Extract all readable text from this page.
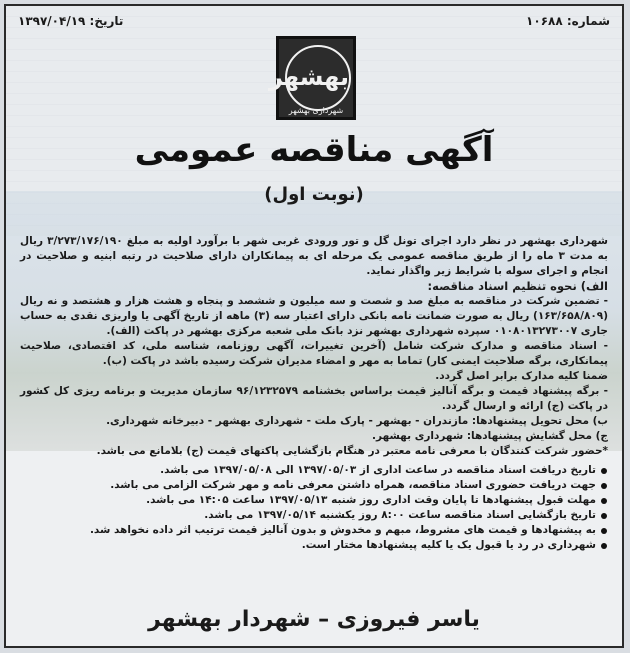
شماره: ۱۰۶۸۸
تاریخ: ۱۳۹۷/۰۴/۱۹
بهشهر
شهرداری بهشهر
آگهی مناقصه عمومی
(نوبت اول)

شهرداری بهشهر در نظر دارد اجرای تونل گل و تور ورودی غربی شهر با برآورد اولیه به مبلغ ۳/۲۷۳/۱۷۶/۱۹۰ ریال به مدت ۳ ماه را از طریق مناقصه عمومی یک مرحله ای به پیمانکاران دارای صلاحیت در رتبه ابنیه و صلاحیت در انجام و اجرای سوله با شرایط زیر واگذار نماید.

الف) نحوه تنظیم اسناد مناقصه:

- تضمین شرکت در مناقصه به مبلغ صد و شصت و سه میلیون و ششصد و پنجاه و هشت هزار و هشتصد و نه ریال (۱۶۳/۶۵۸/۸۰۹) ریال به صورت ضمانت نامه بانکی دارای اعتبار سه (۳) ماهه از تاریخ آگهی یا واریزی نقدی به حساب جاری ۰۱۰۸۰۱۳۲۷۳۰۰۷ سپرده شهرداری بهشهر نزد بانک ملی شعبه مرکزی بهشهر در پاکت (الف).

- اسناد مناقصه و مدارک شرکت شامل (آخرین تغییرات، آگهی روزنامه، شناسه ملی، کد اقتصادی، صلاحیت پیمانکاری، برگه صلاحیت ایمنی کار) تماما به مهر و امضاء مدیران شرکت رسیده باشد در پاکت (ب).

ضمنا کلیه مدارک برابر اصل گردد.

- برگه پیشنهاد قیمت و برگه آنالیز قیمت براساس بخشنامه ۹۶/۱۲۳۲۵۷۹ سازمان مدیریت و برنامه ریزی کل کشور در پاکت (ج) ارائه و ارسال گردد.

ب) محل تحویل پیشنهادها: مازندران - بهشهر - پارک ملت - شهرداری بهشهر - دبیرخانه شهرداری.

ج) محل گشایش پیشنهادها: شهرداری بهشهر.

*حضور شرکت کنندگان با معرفی نامه معتبر در هنگام بازگشایی پاکتهای قیمت (ج) بلامانع می باشد.

تاریخ دریافت اسناد مناقصه در ساعت اداری از ۱۳۹۷/۰۵/۰۳ الی ۱۳۹۷/۰۵/۰۸ می باشد.
جهت دریافت حضوری اسناد مناقصه، همراه داشتن معرفی نامه و مهر شرکت الزامی می باشد.
مهلت قبول پیشنهادها تا پایان وقت اداری روز شنبه ۱۳۹۷/۰۵/۱۳ ساعت ۱۴:۰۵ می باشد.
تاریخ بازگشایی اسناد مناقصه ساعت ۸:۰۰ روز یکشنبه ۱۳۹۷/۰۵/۱۴ می باشد.
به پیشنهادها و قیمت های مشروط، مبهم و مخدوش و بدون آنالیز قیمت ترتیب اثر داده نخواهد شد.
شهرداری در رد یا قبول یک یا کلیه پیشنهادها مختار است.
یاسر فیروزی – شهردار بهشهر
